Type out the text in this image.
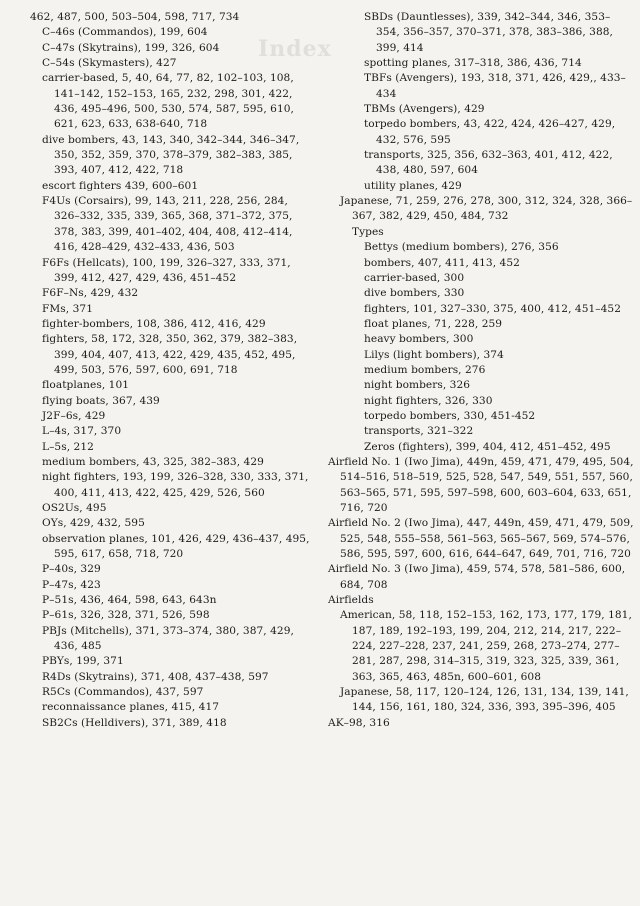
Index
462, 487, 500, 503–504, 598, 717, 734
C–46s (Commandos), 199, 604
C–47s (Skytrains), 199, 326, 604
C–54s (Skymasters), 427
carrier-based, 5, 40, 64, 77, 82, 102–103, 108, 141–142, 152–153, 165, 232, 298, 301, 422, 436, 495–496, 500, 530, 574, 587, 595, 610, 621, 623, 633, 638-640, 718
dive bombers, 43, 143, 340, 342–344, 346–347, 350, 352, 359, 370, 378–379, 382–383, 385, 393, 407, 412, 422, 718
escort fighters 439, 600–601
F4Us (Corsairs), 99, 143, 211, 228, 256, 284, 326–332, 335, 339, 365, 368, 371–372, 375, 378, 383, 399, 401–402, 404, 408, 412–414, 416, 428–429, 432–433, 436, 503
F6Fs (Hellcats), 100, 199, 326–327, 333, 371, 399, 412, 427, 429, 436, 451–452
F6F–Ns, 429, 432
FMs, 371
fighter-bombers, 108, 386, 412, 416, 429
fighters, 58, 172, 328, 350, 362, 379, 382–383, 399, 404, 407, 413, 422, 429, 435, 452, 495, 499, 503, 576, 597, 600, 691, 718
floatplanes, 101
flying boats, 367, 439
J2F–6s, 429
L–4s, 317, 370
L–5s, 212
medium bombers, 43, 325, 382–383, 429
night fighters, 193, 199, 326–328, 330, 333, 371, 400, 411, 413, 422, 425, 429, 526, 560
OS2Us, 495
OYs, 429, 432, 595
observation planes, 101, 426, 429, 436–437, 495, 595, 617, 658, 718, 720
P–40s, 329
P–47s, 423
P–51s, 436, 464, 598, 643, 643n
P–61s, 326, 328, 371, 526, 598
PBJs (Mitchells), 371, 373–374, 380, 387, 429, 436, 485
PBYs, 199, 371
R4Ds (Skytrains), 371, 408, 437–438, 597
R5Cs (Commandos), 437, 597
reconnaissance planes, 415, 417
SB2Cs (Helldivers), 371, 389, 418
SBDs (Dauntlesses), 339, 342–344, 346, 353–354, 356–357, 370–371, 378, 383–386, 388, 399, 414
spotting planes, 317–318, 386, 436, 714
TBFs (Avengers), 193, 318, 371, 426, 429,, 433–434
TBMs (Avengers), 429
torpedo bombers, 43, 422, 424, 426–427, 429, 432, 576, 595
transports, 325, 356, 632–363, 401, 412, 422, 438, 480, 597, 604
utility planes, 429
Japanese, 71, 259, 276, 278, 300, 312, 324, 328, 366–367, 382, 429, 450, 484, 732
Types
Bettys (medium bombers), 276, 356
bombers, 407, 411, 413, 452
carrier-based, 300
dive bombers, 330
fighters, 101, 327–330, 375, 400, 412, 451–452
float planes, 71, 228, 259
heavy bombers, 300
Lilys (light bombers), 374
medium bombers, 276
night bombers, 326
night fighters, 326, 330
torpedo bombers, 330, 451-452
transports, 321–322
Zeros (fighters), 399, 404, 412, 451–452, 495
Airfield No. 1 (Iwo Jima), 449n, 459, 471, 479, 495, 504, 514–516, 518–519, 525, 528, 547, 549, 551, 557, 560, 563–565, 571, 595, 597–598, 600, 603–604, 633, 651, 716, 720
Airfield No. 2 (Iwo Jima), 447, 449n, 459, 471, 479, 509, 525, 548, 555–558, 561–563, 565–567, 569, 574–576, 586, 595, 597, 600, 616, 644–647, 649, 701, 716, 720
Airfield No. 3 (Iwo Jima), 459, 574, 578, 581–586, 600, 684, 708
Airfields
American, 58, 118, 152–153, 162, 173, 177, 179, 181, 187, 189, 192–193, 199, 204, 212, 214, 217, 222–224, 227–228, 237, 241, 259, 268, 273–274, 277–281, 287, 298, 314–315, 319, 323, 325, 339, 361, 363, 365, 463, 485n, 600–601, 608
Japanese, 58, 117, 120–124, 126, 131, 134, 139, 141, 144, 156, 161, 180, 324, 336, 393, 395–396, 405
AK–98, 316
